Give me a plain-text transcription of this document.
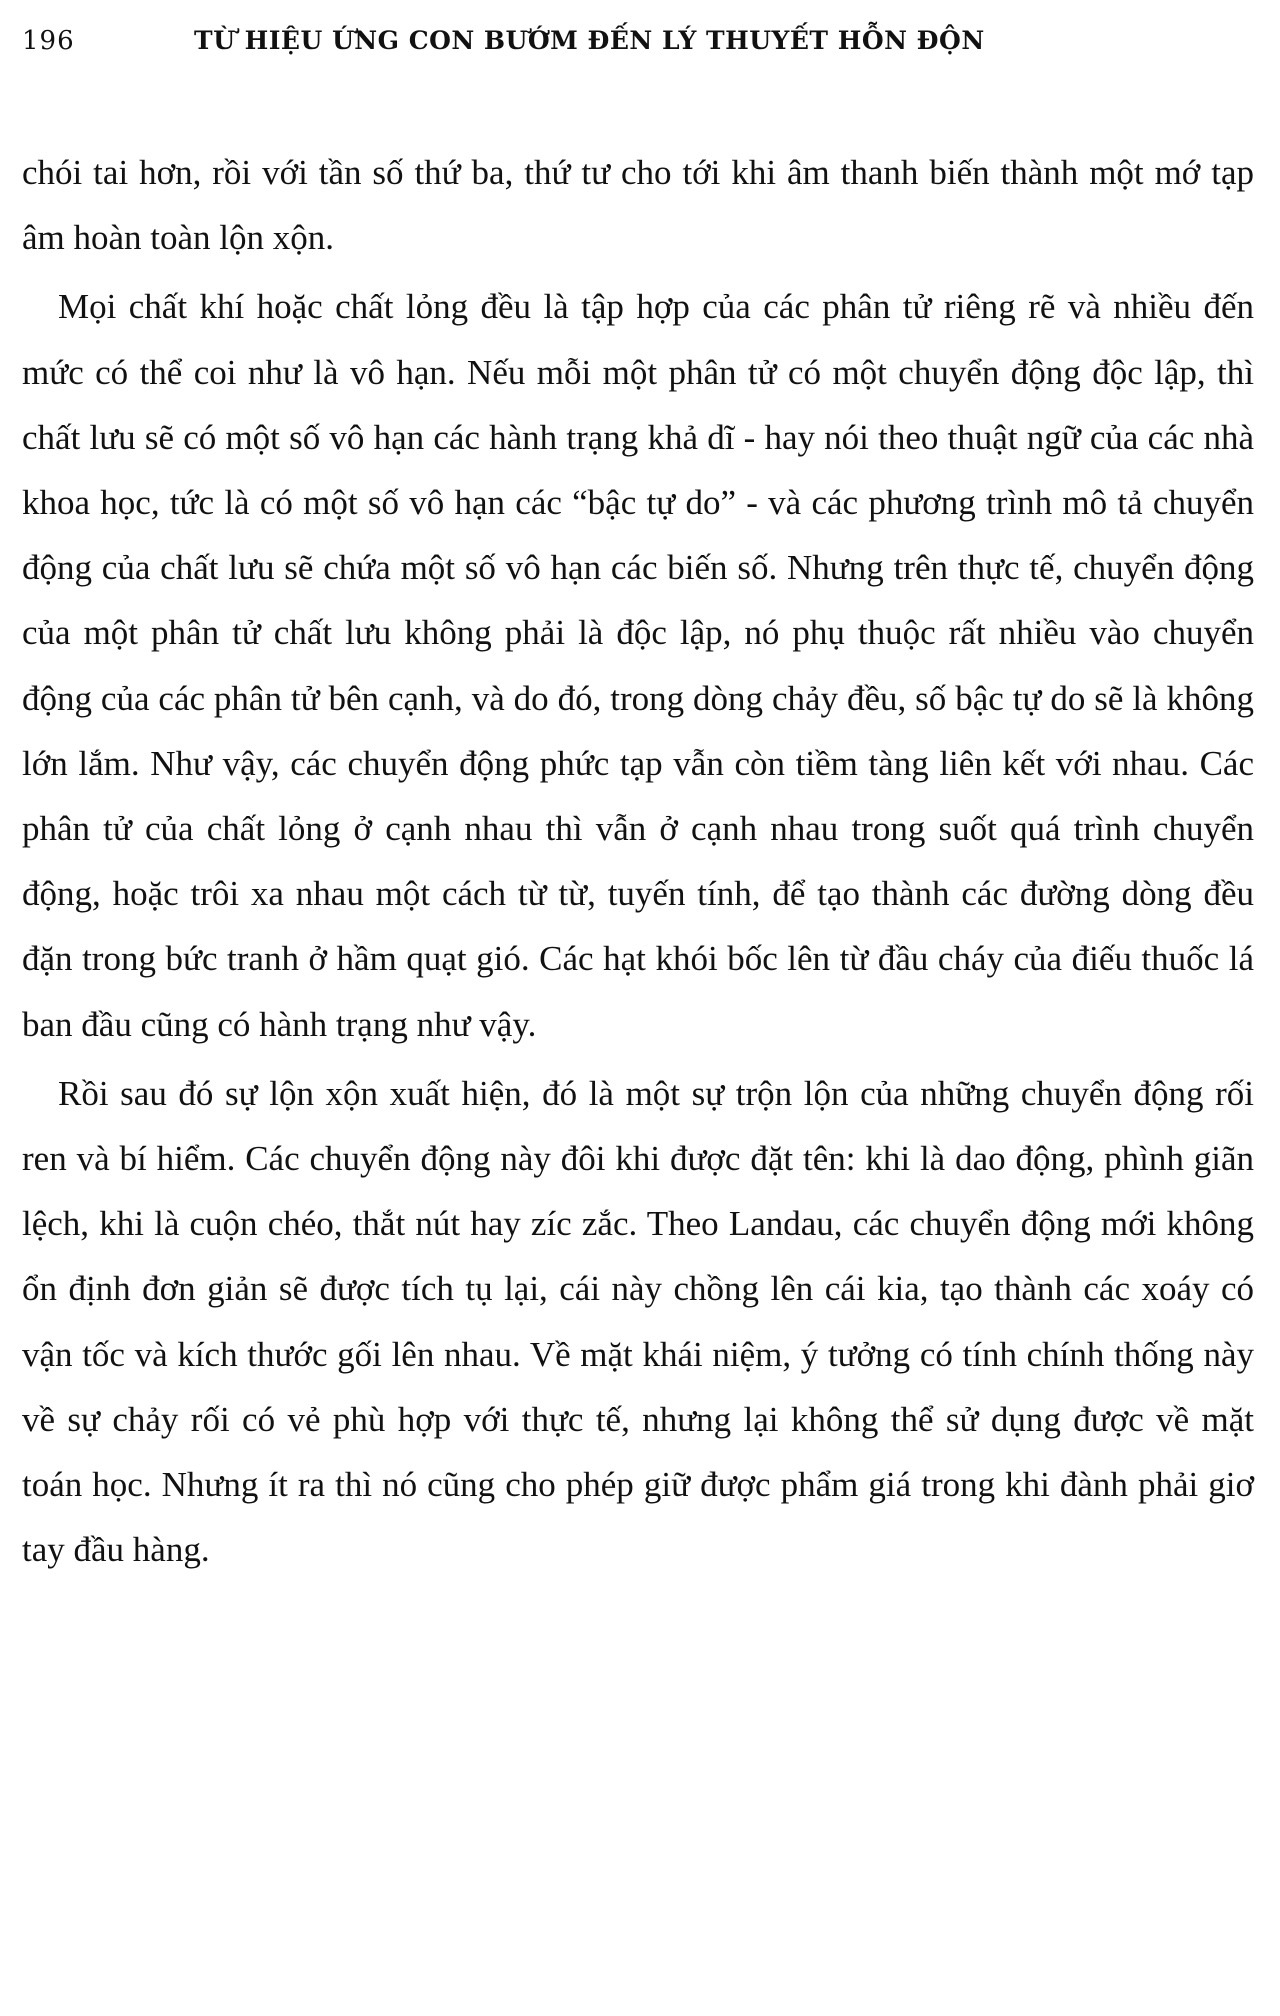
196	TỪ HIỆU ỨNG CON BƯỚM ĐẾN LÝ THUYẾT HỖN ĐỘN

chói tai hơn, rồi với tần số thứ ba, thứ tư cho tới khi âm thanh biến thành một mớ tạp âm hoàn toàn lộn xộn.

Mọi chất khí hoặc chất lỏng đều là tập hợp của các phân tử riêng rẽ và nhiều đến mức có thể coi như là vô hạn. Nếu mỗi một phân tử có một chuyển động độc lập, thì chất lưu sẽ có một số vô hạn các hành trạng khả dĩ - hay nói theo thuật ngữ của các nhà khoa học, tức là có một số vô hạn các “bậc tự do” - và các phương trình mô tả chuyển động của chất lưu sẽ chứa một số vô hạn các biến số. Nhưng trên thực tế, chuyển động của một phân tử chất lưu không phải là độc lập, nó phụ thuộc rất nhiều vào chuyển động của các phân tử bên cạnh, và do đó, trong dòng chảy đều, số bậc tự do sẽ là không lớn lắm. Như vậy, các chuyển động phức tạp vẫn còn tiềm tàng liên kết với nhau. Các phân tử của chất lỏng ở cạnh nhau thì vẫn ở cạnh nhau trong suốt quá trình chuyển động, hoặc trôi xa nhau một cách từ từ, tuyến tính, để tạo thành các đường dòng đều đặn trong bức tranh ở hầm quạt gió. Các hạt khói bốc lên từ đầu cháy của điếu thuốc lá ban đầu cũng có hành trạng như vậy.

Rồi sau đó sự lộn xộn xuất hiện, đó là một sự trộn lộn của những chuyển động rối ren và bí hiểm. Các chuyển động này đôi khi được đặt tên: khi là dao động, phình giãn lệch, khi là cuộn chéo, thắt nút hay zíc zắc. Theo Landau, các chuyển động mới không ổn định đơn giản sẽ được tích tụ lại, cái này chồng lên cái kia, tạo thành các xoáy có vận tốc và kích thước gối lên nhau. Về mặt khái niệm, ý tưởng có tính chính thống này về sự chảy rối có vẻ phù hợp với thực tế, nhưng lại không thể sử dụng được về mặt toán học. Nhưng ít ra thì nó cũng cho phép giữ được phẩm giá trong khi đành phải giơ tay đầu hàng.
